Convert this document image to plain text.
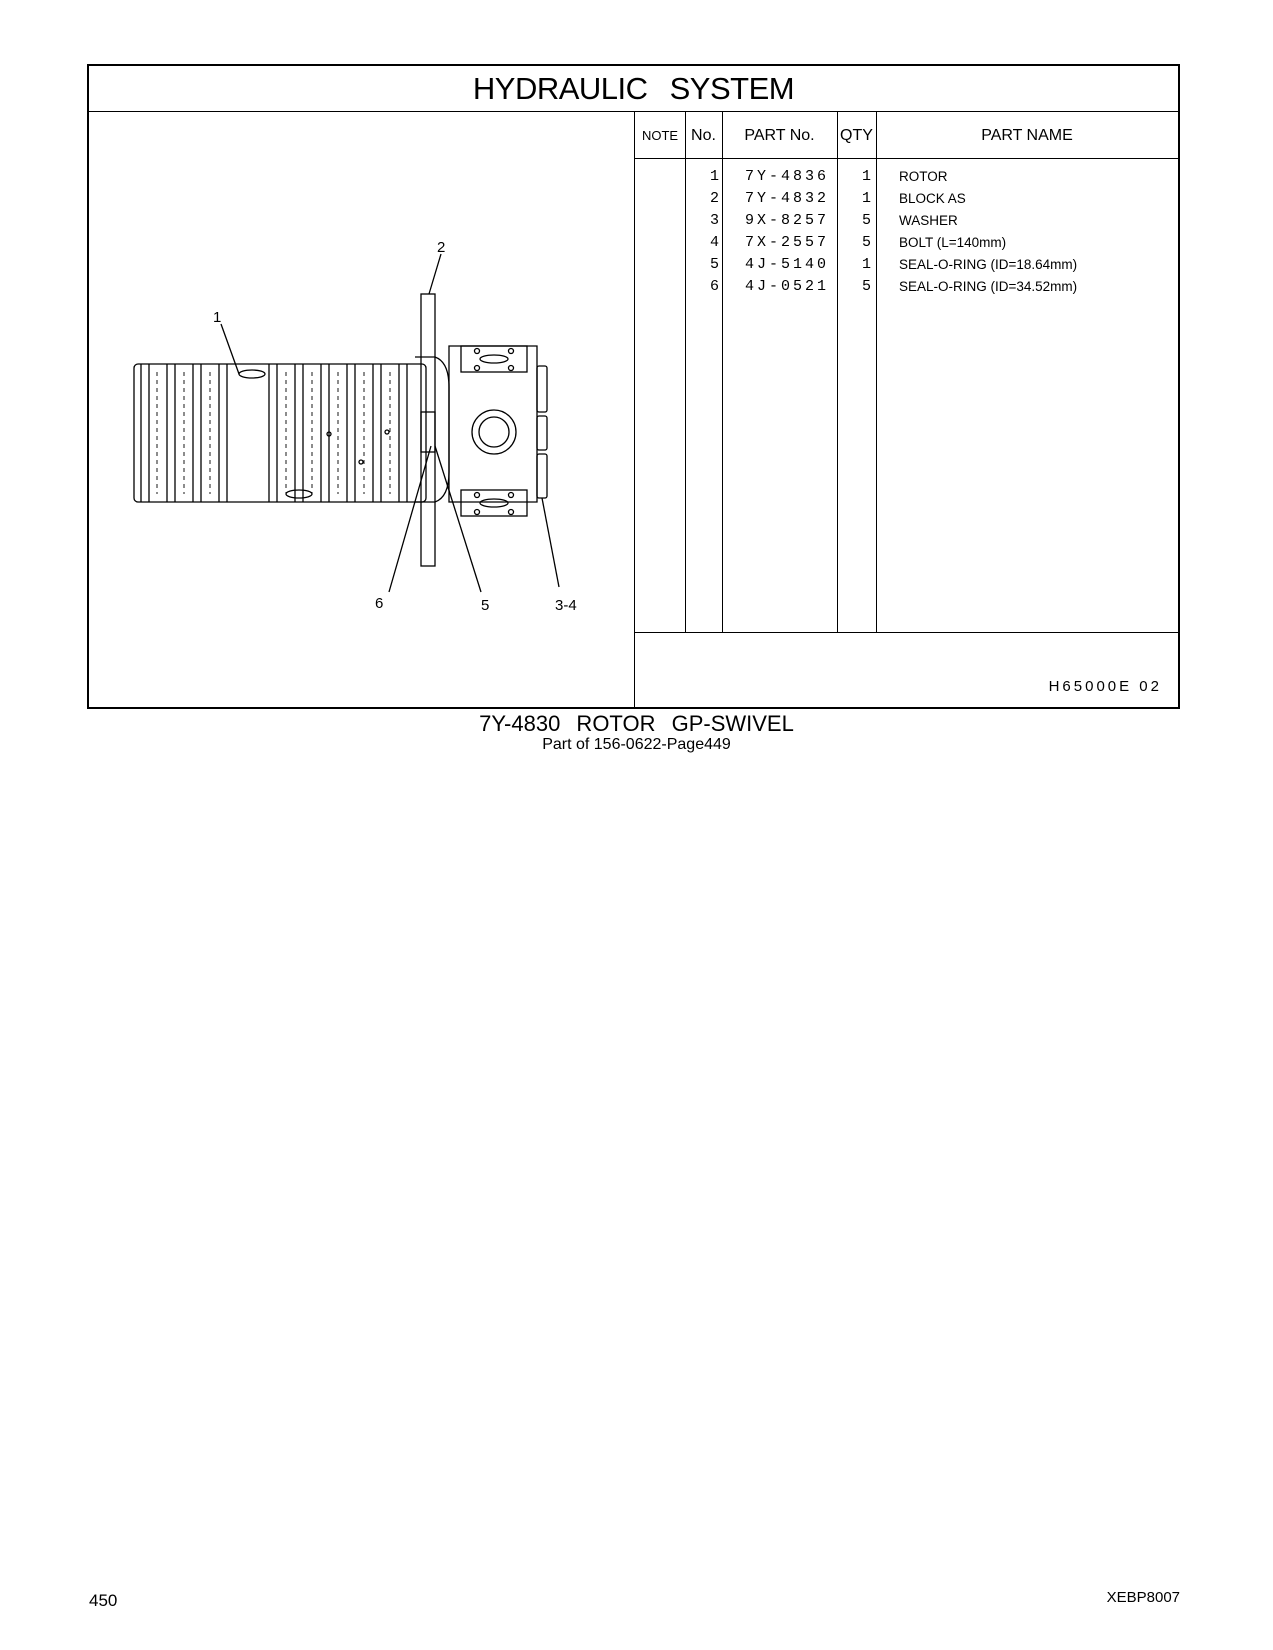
HYDRAULIC SYSTEM
1
2
6	5	3-4
NOTE No.	PART No.	QTY	PART NAME
1 7Y-4836	1 ROTOR
2 7Y-4832	1 BLOCK AS
3 9X-8257	5 WASHER
4 7X-2557	5 BOLT (L=140mm)
5 4J-5140	1 SEAL-O-RING (ID=18.64mm)
6 4J-0521	5 SEAL-O-RING (ID=34.52mm)
H65000E 02
7Y-4830 ROTOR GP-SWIVEL
Part of 156-0622-Page449
450	XEBP8007
